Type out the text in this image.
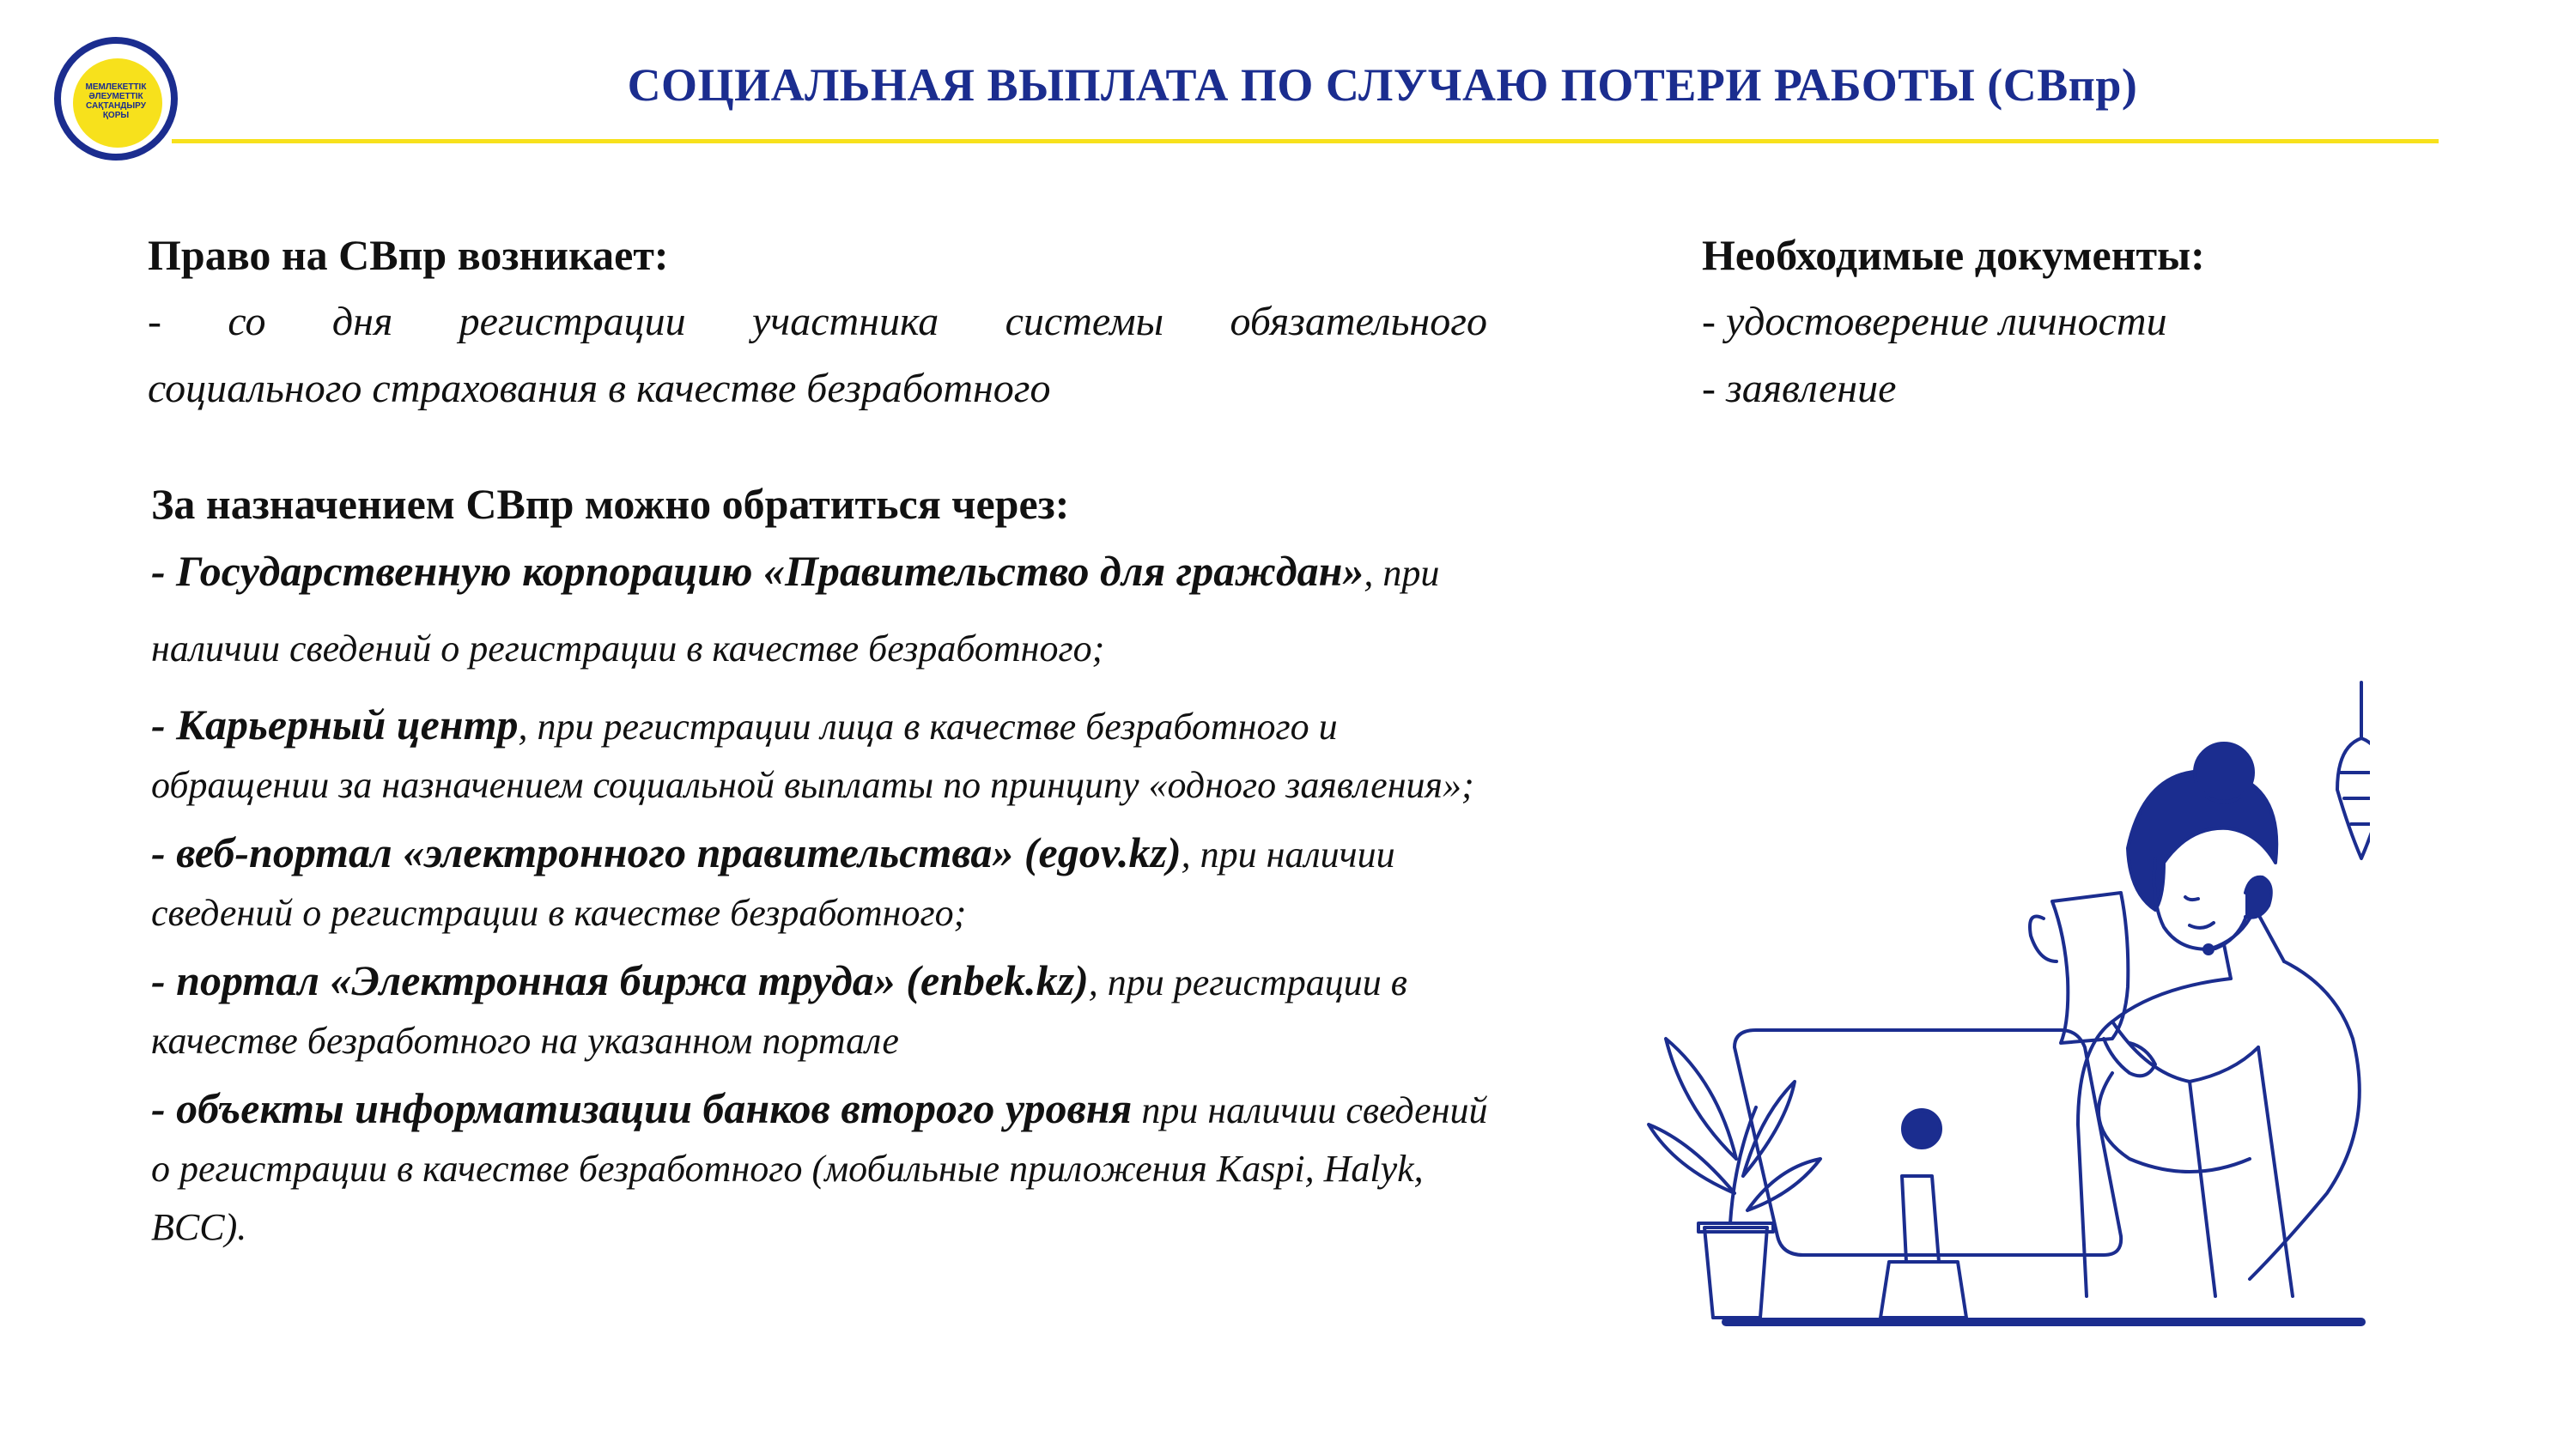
МЕМЛЕКЕТТІК
ӘЛЕУМЕТТІК
САҚТАНДЫРУ
ҚОРЫ
СОЦИАЛЬНАЯ ВЫПЛАТА ПО СЛУЧАЮ ПОТЕРИ РАБОТЫ (СВпр)

Право на СВпр возникает:

- со дня регистрации участника системы обязательного

социального страхования в качестве безработного

Необходимые документы:

- удостоверение личности

- заявление

За назначением СВпр можно обратиться через:

- Государственную корпорацию «Правительство для граждан», при наличии сведений о регистрации в качестве безработного;

- Карьерный центр, при регистрации лица в качестве безработного и обращении за назначением социальной выплаты по принципу «одного заявления»;

- веб-портал «электронного правительства» (egov.kz), при наличии сведений о регистрации в качестве безработного;

- портал «Электронная биржа труда» (enbek.kz), при регистрации в качестве безработного на указанном портале

- объекты информатизации банков второго уровня при наличии сведений о регистрации в качестве безработного (мобильные приложения Kaspi, Halyk, BCC).
